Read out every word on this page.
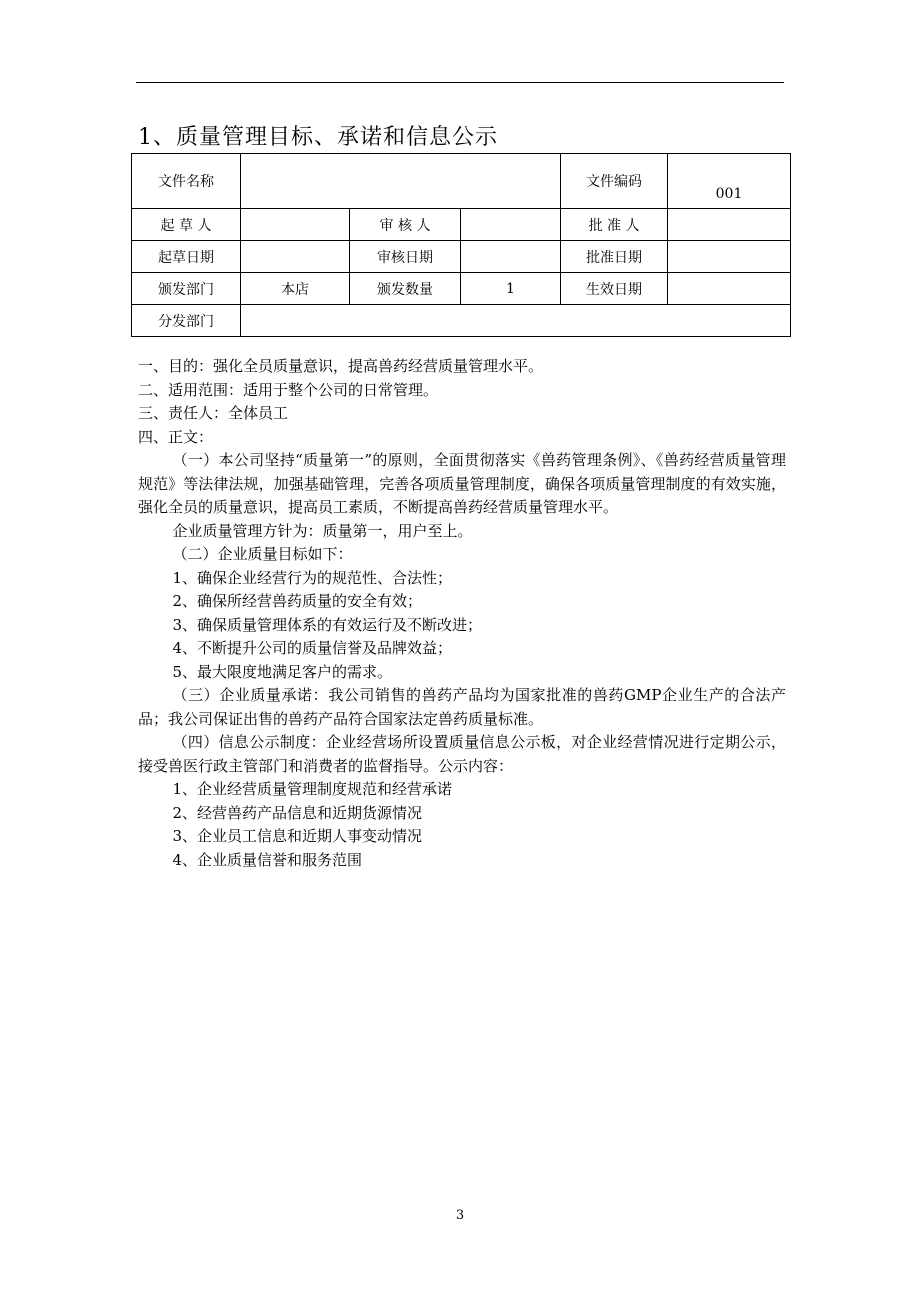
1、质量管理目标、承诺和信息公示
文件名称				文件编码	001
起 草 人		审 核 人		批 准 人	
起草日期		审核日期		批准日期	
颁发部门	本店	颁发数量	1	生效日期	
分发部门					

一、目的：强化全员质量意识，提高兽药经营质量管理水平。

二、适用范围：适用于整个公司的日常管理。

三、责任人：全体员工

四、正文：

（一）本公司坚持“质量第一”的原则，全面贯彻落实《兽药管理条例》、《兽药经营质量管理规范》等法律法规，加强基础管理，完善各项质量管理制度，确保各项质量管理制度的有效实施，强化全员的质量意识，提高员工素质，不断提高兽药经营质量管理水平。

企业质量管理方针为：质量第一，用户至上。

（二）企业质量目标如下：

1、确保企业经营行为的规范性、合法性；

2、确保所经营兽药质量的安全有效；

3、确保质量管理体系的有效运行及不断改进；

4、不断提升公司的质量信誉及品牌效益；

5、最大限度地满足客户的需求。

（三）企业质量承诺：我公司销售的兽药产品均为国家批准的兽药GMP企业生产的合法产品；我公司保证出售的兽药产品符合国家法定兽药质量标准。

（四）信息公示制度：企业经营场所设置质量信息公示板，对企业经营情况进行定期公示，接受兽医行政主管部门和消费者的监督指导。公示内容：

1、企业经营质量管理制度规范和经营承诺

2、经营兽药产品信息和近期货源情况

3、企业员工信息和近期人事变动情况

4、企业质量信誉和服务范围

3
